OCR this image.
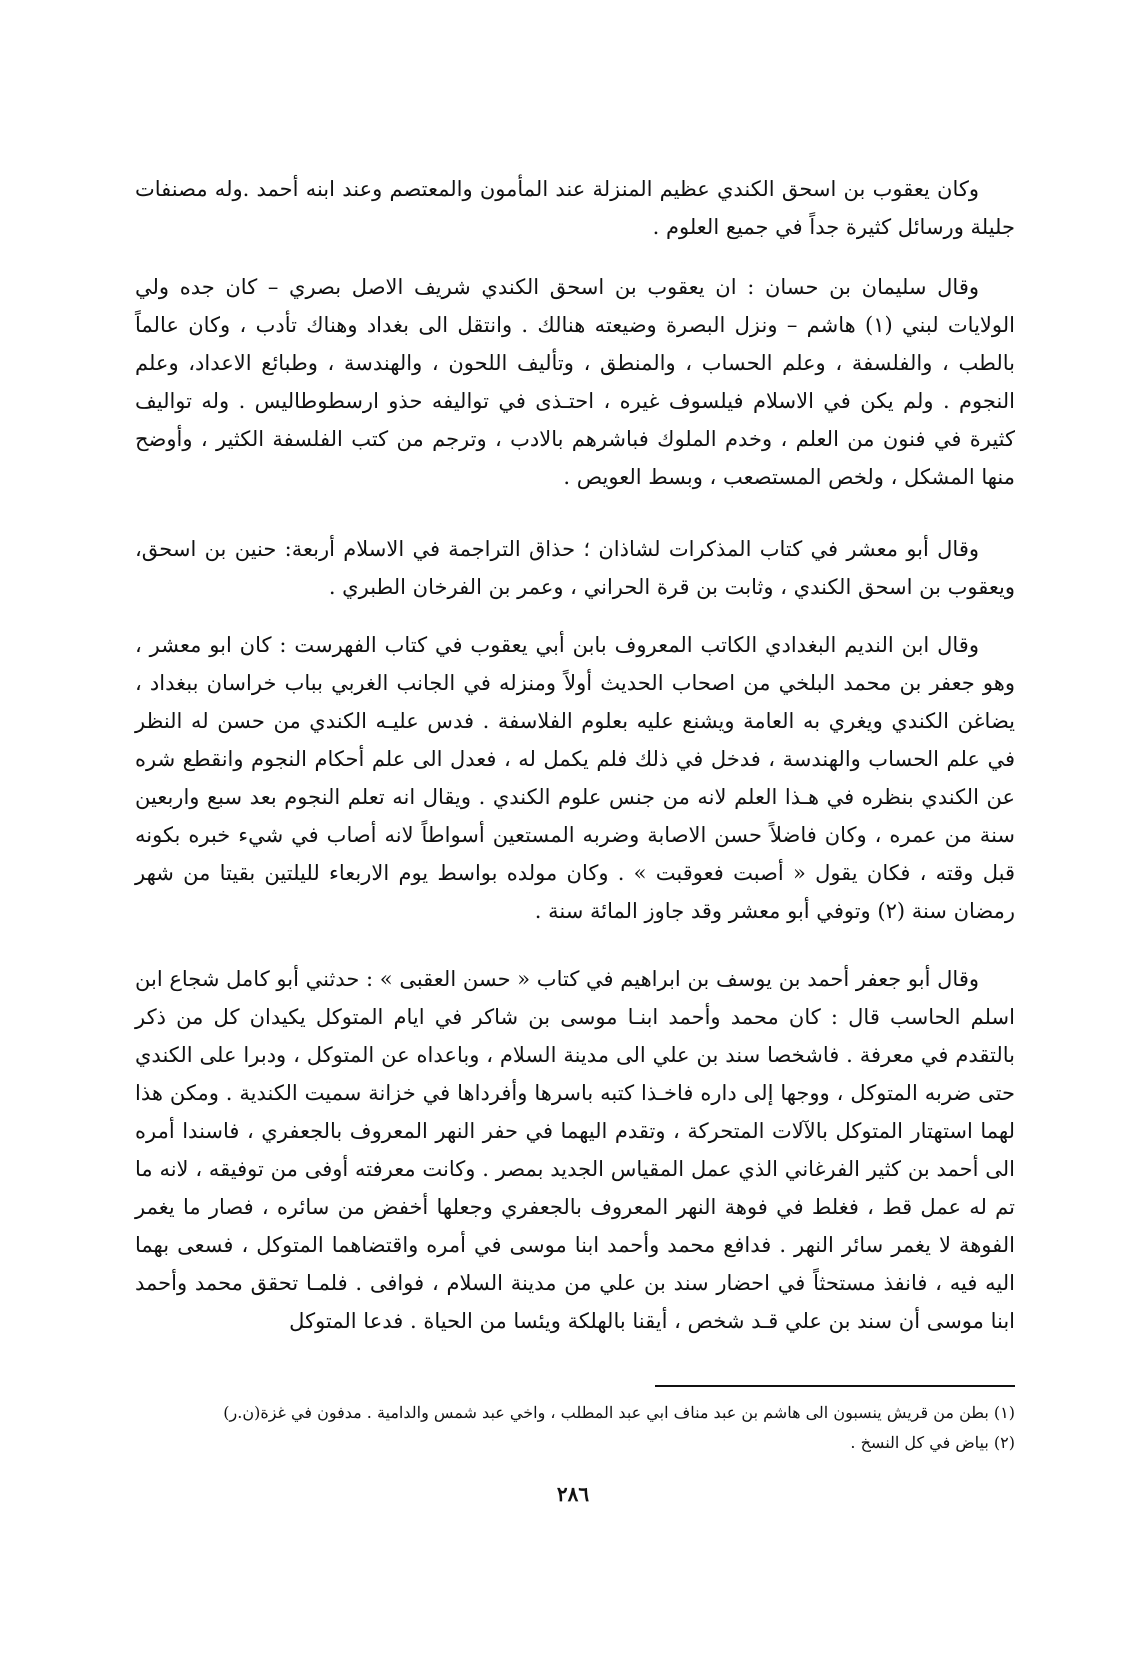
وكان يعقوب بن اسحق الكندي عظيم المنزلة عند المأمون والمعتصم وعند ابنه أحمد .وله مصنفات جليلة ورسائل كثيرة جداً في جميع العلوم .

وقال سليمان بن حسان : ان يعقوب بن اسحق الكندي شريف الاصل بصري – كان جده ولي الولايات لبني (١) هاشم – ونزل البصرة وضيعته هنالك . وانتقل الى بغداد وهناك تأدب ، وكان عالماً بالطب ، والفلسفة ، وعلم الحساب ، والمنطق ، وتأليف اللحون ، والهندسة ، وطبائع الاعداد، وعلم النجوم . ولم يكن في الاسلام فيلسوف غيره ، احتـذى في تواليفه حذو ارسطوطاليس . وله تواليف كثيرة في فنون من العلم ، وخدم الملوك فباشرهم بالادب ، وترجم من كتب الفلسفة الكثير ، وأوضح منها المشكل ، ولخص المستصعب ، وبسط العويص .

وقال أبو معشر في كتاب المذكرات لشاذان ؛ حذاق التراجمة في الاسلام أربعة: حنين بن اسحق، ويعقوب بن اسحق الكندي ، وثابت بن قرة الحراني ، وعمر بن الفرخان الطبري .

وقال ابن النديم البغدادي الكاتب المعروف بابن أبي يعقوب في كتاب الفهرست : كان ابو معشر ، وهو جعفر بن محمد البلخي من اصحاب الحديث أولاً ومنزله في الجانب الغربي بباب خراسان ببغداد ، يضاغن الكندي ويغري به العامة ويشنع عليه بعلوم الفلاسفة . فدس عليـه الكندي من حسن له النظر في علم الحساب والهندسة ، فدخل في ذلك فلم يكمل له ، فعدل الى علم أحكام النجوم وانقطع شره عن الكندي بنظره في هـذا العلم لانه من جنس علوم الكندي . ويقال انه تعلم النجوم بعد سبع واربعين سنة من عمره ، وكان فاضلاً حسن الاصابة وضربه المستعين أسواطاً لانه أصاب في شيء خبره بكونه قبل وقته ، فكان يقول « أصبت فعوقبت » . وكان مولده بواسط يوم الاربعاء لليلتين بقيتا من شهر رمضان سنة (٢) وتوفي أبو معشر وقد جاوز المائة سنة .

وقال أبو جعفر أحمد بن يوسف بن ابراهيم في كتاب « حسن العقبى » : حدثني أبو كامل شجاع ابن اسلم الحاسب قال : كان محمد وأحمد ابنـا موسى بن شاكر في ايام المتوكل يكيدان كل من ذكر بالتقدم في معرفة . فاشخصا سند بن علي الى مدينة السلام ، وباعداه عن المتوكل ، ودبرا على الكندي حتى ضربه المتوكل ، ووجها إلى داره فاخـذا كتبه باسرها وأفرداها في خزانة سميت الكندية . ومكن هذا لهما استهتار المتوكل بالآلات المتحركة ، وتقدم اليهما في حفر النهر المعروف بالجعفري ، فاسندا أمره الى أحمد بن كثير الفرغاني الذي عمل المقياس الجديد بمصر . وكانت معرفته أوفى من توفيقه ، لانه ما تم له عمل قط ، فغلط في فوهة النهر المعروف بالجعفري وجعلها أخفض من سائره ، فصار ما يغمر الفوهة لا يغمر سائر النهر . فدافع محمد وأحمد ابنا موسى في أمره واقتضاهما المتوكل ، فسعى بهما اليه فيه ، فانفذ مستحثاً في احضار سند بن علي من مدينة السلام ، فوافى . فلمـا تحقق محمد وأحمد ابنا موسى أن سند بن علي قـد شخص ، أيقنا بالهلكة ويئسا من الحياة . فدعا المتوكل

(١) بطن من قريش ينسبون الى هاشم بن عبد مناف ابي عبد المطلب ، واخي عبد شمس والدامية . مدفون في غزة(ن.ر)

(٢) بياض في كل النسخ .

٢٨٦
